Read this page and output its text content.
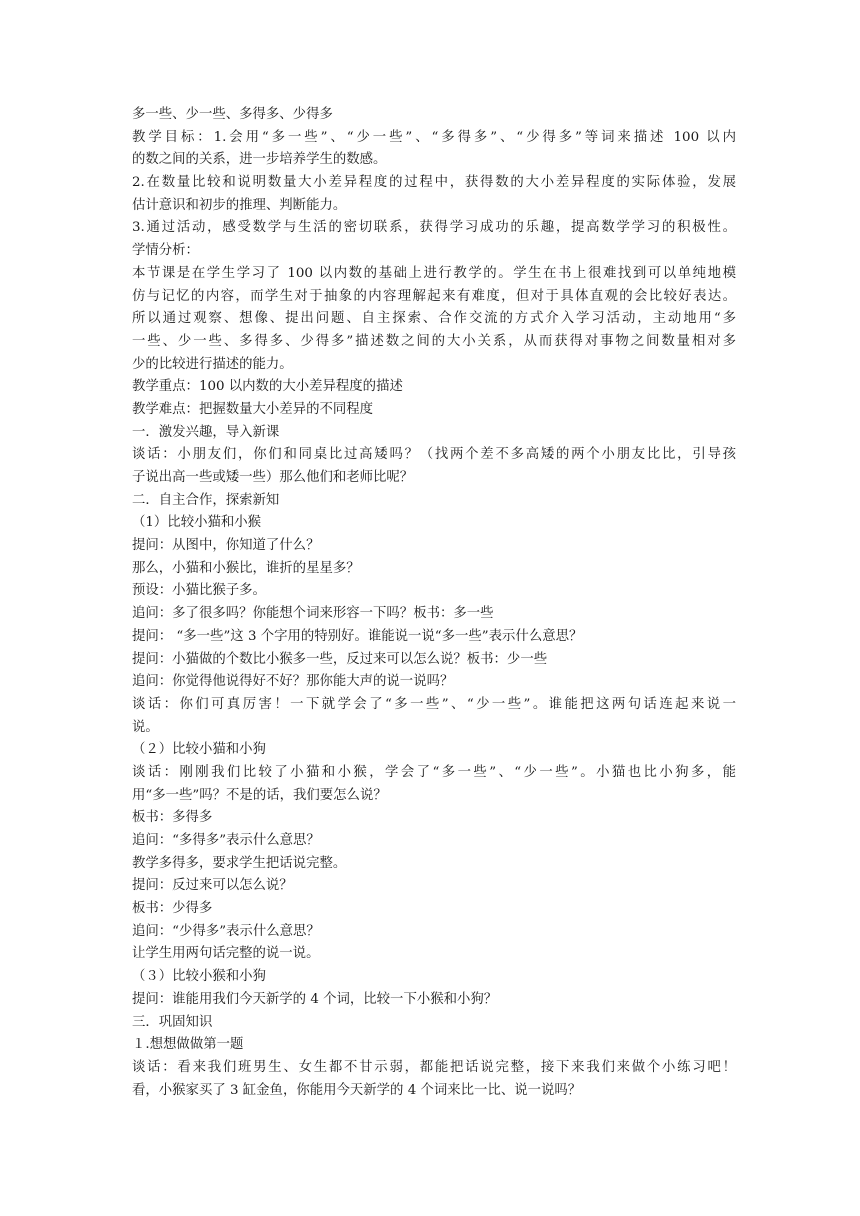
多一些、少一些、多得多、少得多
教学目标：1.会用“多一些”、“少一些”、“多得多”、“少得多”等词来描述 100 以内
的数之间的关系，进一步培养学生的数感。
2.在数量比较和说明数量大小差异程度的过程中，获得数的大小差异程度的实际体验，发展
估计意识和初步的推理、判断能力。
3.通过活动，感受数学与生活的密切联系，获得学习成功的乐趣，提高数学学习的积极性。
学情分析：
本节课是在学生学习了 100 以内数的基础上进行教学的。学生在书上很难找到可以单纯地模
仿与记忆的内容，而学生对于抽象的内容理解起来有难度，但对于具体直观的会比较好表达。
所以通过观察、想像、提出问题、自主探索、合作交流的方式介入学习活动，主动地用“多
一些、少一些、多得多、少得多”描述数之间的大小关系，从而获得对事物之间数量相对多
少的比较进行描述的能力。
教学重点：100 以内数的大小差异程度的描述
教学难点：把握数量大小差异的不同程度
一．激发兴趣，导入新课
谈话：小朋友们，你们和同桌比过高矮吗？（找两个差不多高矮的两个小朋友比比，引导孩
子说出高一些或矮一些）那么他们和老师比呢？
二．自主合作，探索新知
（1）比较小猫和小猴
提问：从图中，你知道了什么？
那么，小猫和小猴比，谁折的星星多？
预设：小猫比猴子多。
追问：多了很多吗？你能想个词来形容一下吗？板书：多一些
提问： “多一些”这 3 个字用的特别好。谁能说一说“多一些”表示什么意思？
提问：小猫做的个数比小猴多一些，反过来可以怎么说？板书：少一些
追问：你觉得他说得好不好？那你能大声的说一说吗？
谈话：你们可真厉害！一下就学会了“多一些”、“少一些”。谁能把这两句话连起来说一
说。
（２）比较小猫和小狗
谈话：刚刚我们比较了小猫和小猴，学会了“多一些”、“少一些”。小猫也比小狗多，能
用“多一些”吗？不是的话，我们要怎么说？
板书：多得多
追问：“多得多”表示什么意思？
教学多得多，要求学生把话说完整。
提问：反过来可以怎么说？
板书：少得多
追问：“少得多”表示什么意思？
让学生用两句话完整的说一说。
（３）比较小猴和小狗
提问：谁能用我们今天新学的 4 个词，比较一下小猴和小狗？
三．巩固知识
１.想想做做第一题
谈话：看来我们班男生、女生都不甘示弱，都能把话说完整，接下来我们来做个小练习吧！
看，小猴家买了 3 缸金鱼，你能用今天新学的 4 个词来比一比、说一说吗？
